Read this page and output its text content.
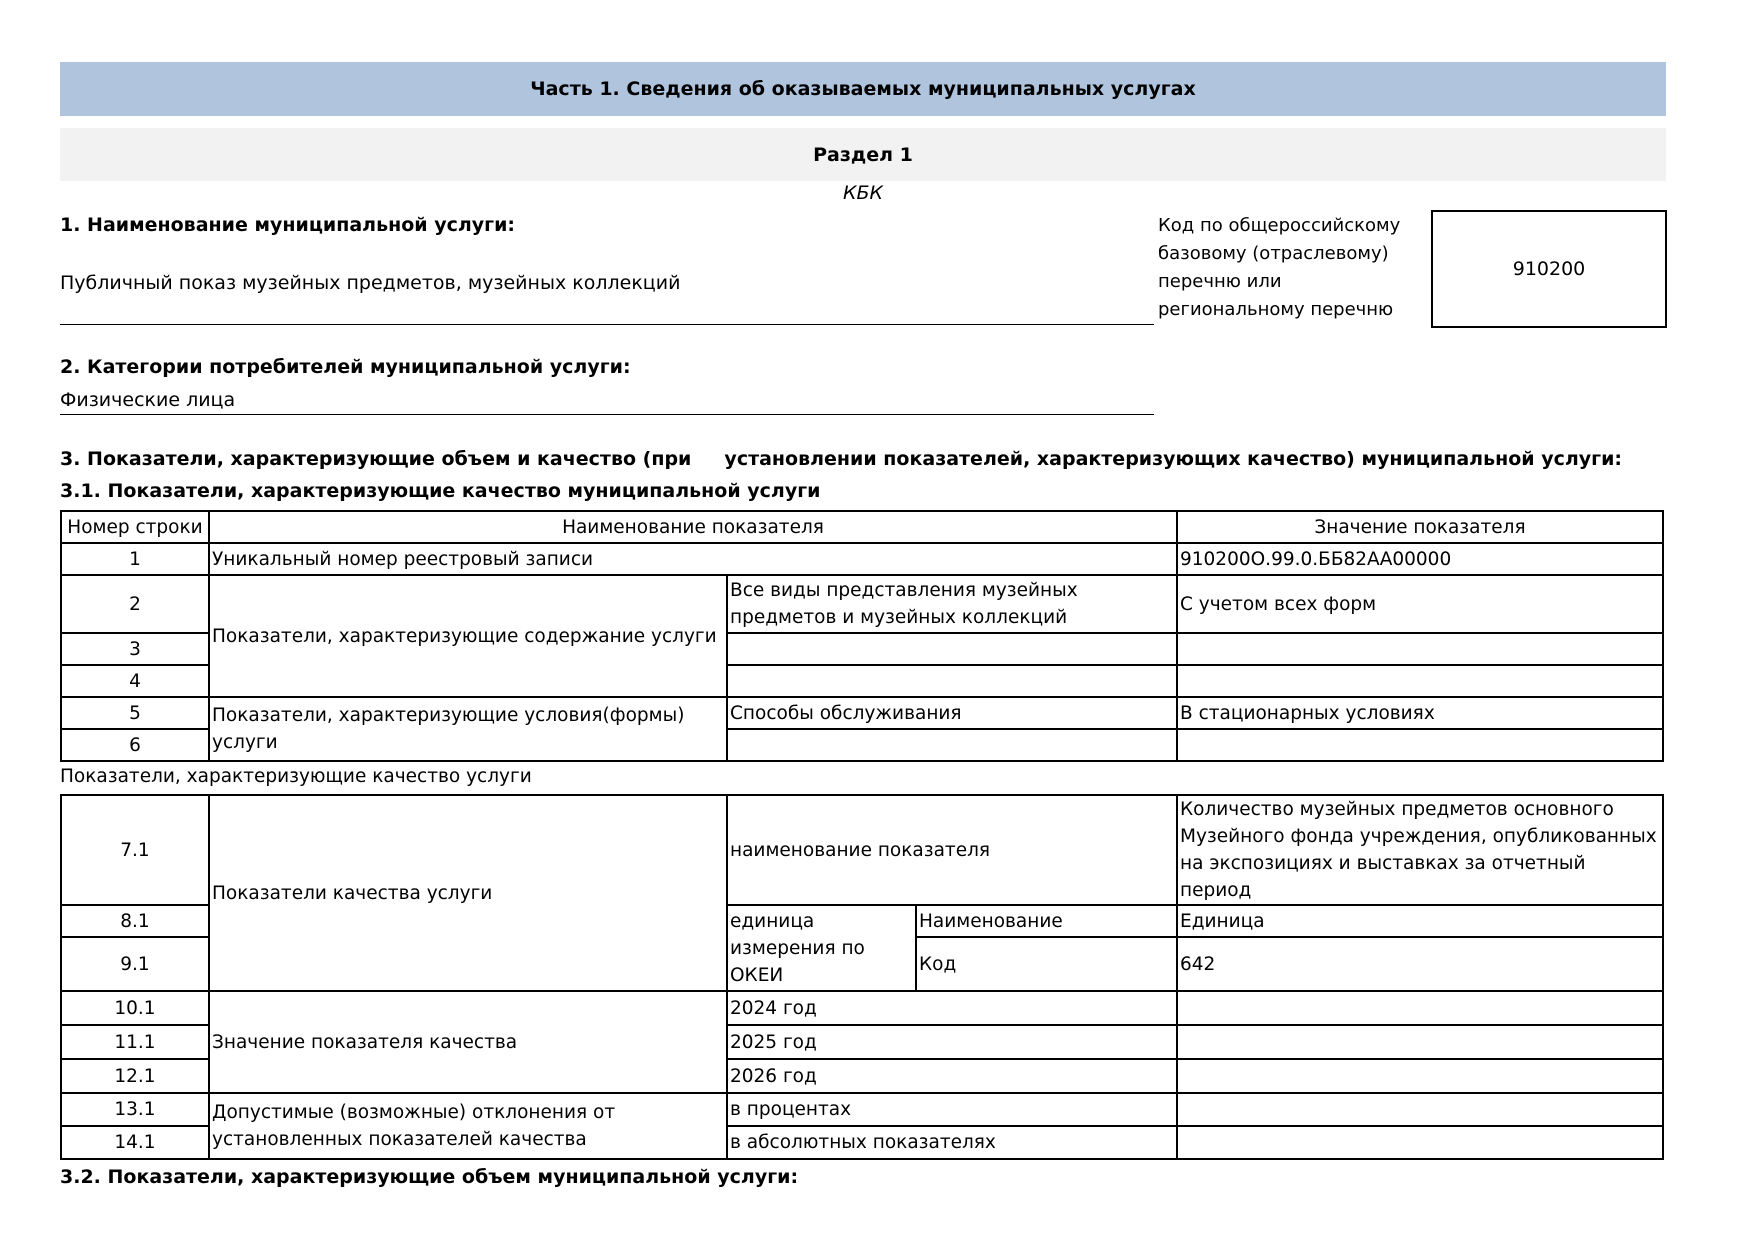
Часть 1. Сведения об оказываемых муниципальных услугах
Раздел 1
КБК
1. Наименование муниципальной услуги:
Публичный показ музейных предметов, музейных коллекций
Код по общероссийскому базовому (отраслевому) перечню или региональному перечню
910200
2. Категории потребителей муниципальной услуги:
Физические лица
3. Показатели, характеризующие объем и качество (при     установлении показателей, характеризующих качество) муниципальной услуги:
3.1. Показатели, характеризующие качество муниципальной услуги
Номер строки	Наименование показателя		Значение показателя
1	Уникальный номер реестровый записи		910200О.99.0.ББ82АА00000
2	Показатели, характеризующие содержание услуги	Все виды представления музейных предметов и музейных коллекций	С учетом всех форм
3			
4			
5	Показатели, характеризующие условия(формы) услуги	Способы обслуживания	В стационарных условиях
6			
Показатели, характеризующие качество услуги
7.1	Показатели качества услуги	наименование показателя		Количество музейных предметов основного Музейного фонда учреждения, опубликованных на экспозициях и выставках за отчетный период
8.1		единица измерения по ОКЕИ	Наименование	Единица
9.1			Код	642
10.1	Значение показателя качества	2024 год		
11.1		2025 год		
12.1		2026 год		
13.1	Допустимые (возможные) отклонения от установленных показателей качества	в процентах		
14.1		в абсолютных показателях		
3.2. Показатели, характеризующие объем муниципальной услуги:
